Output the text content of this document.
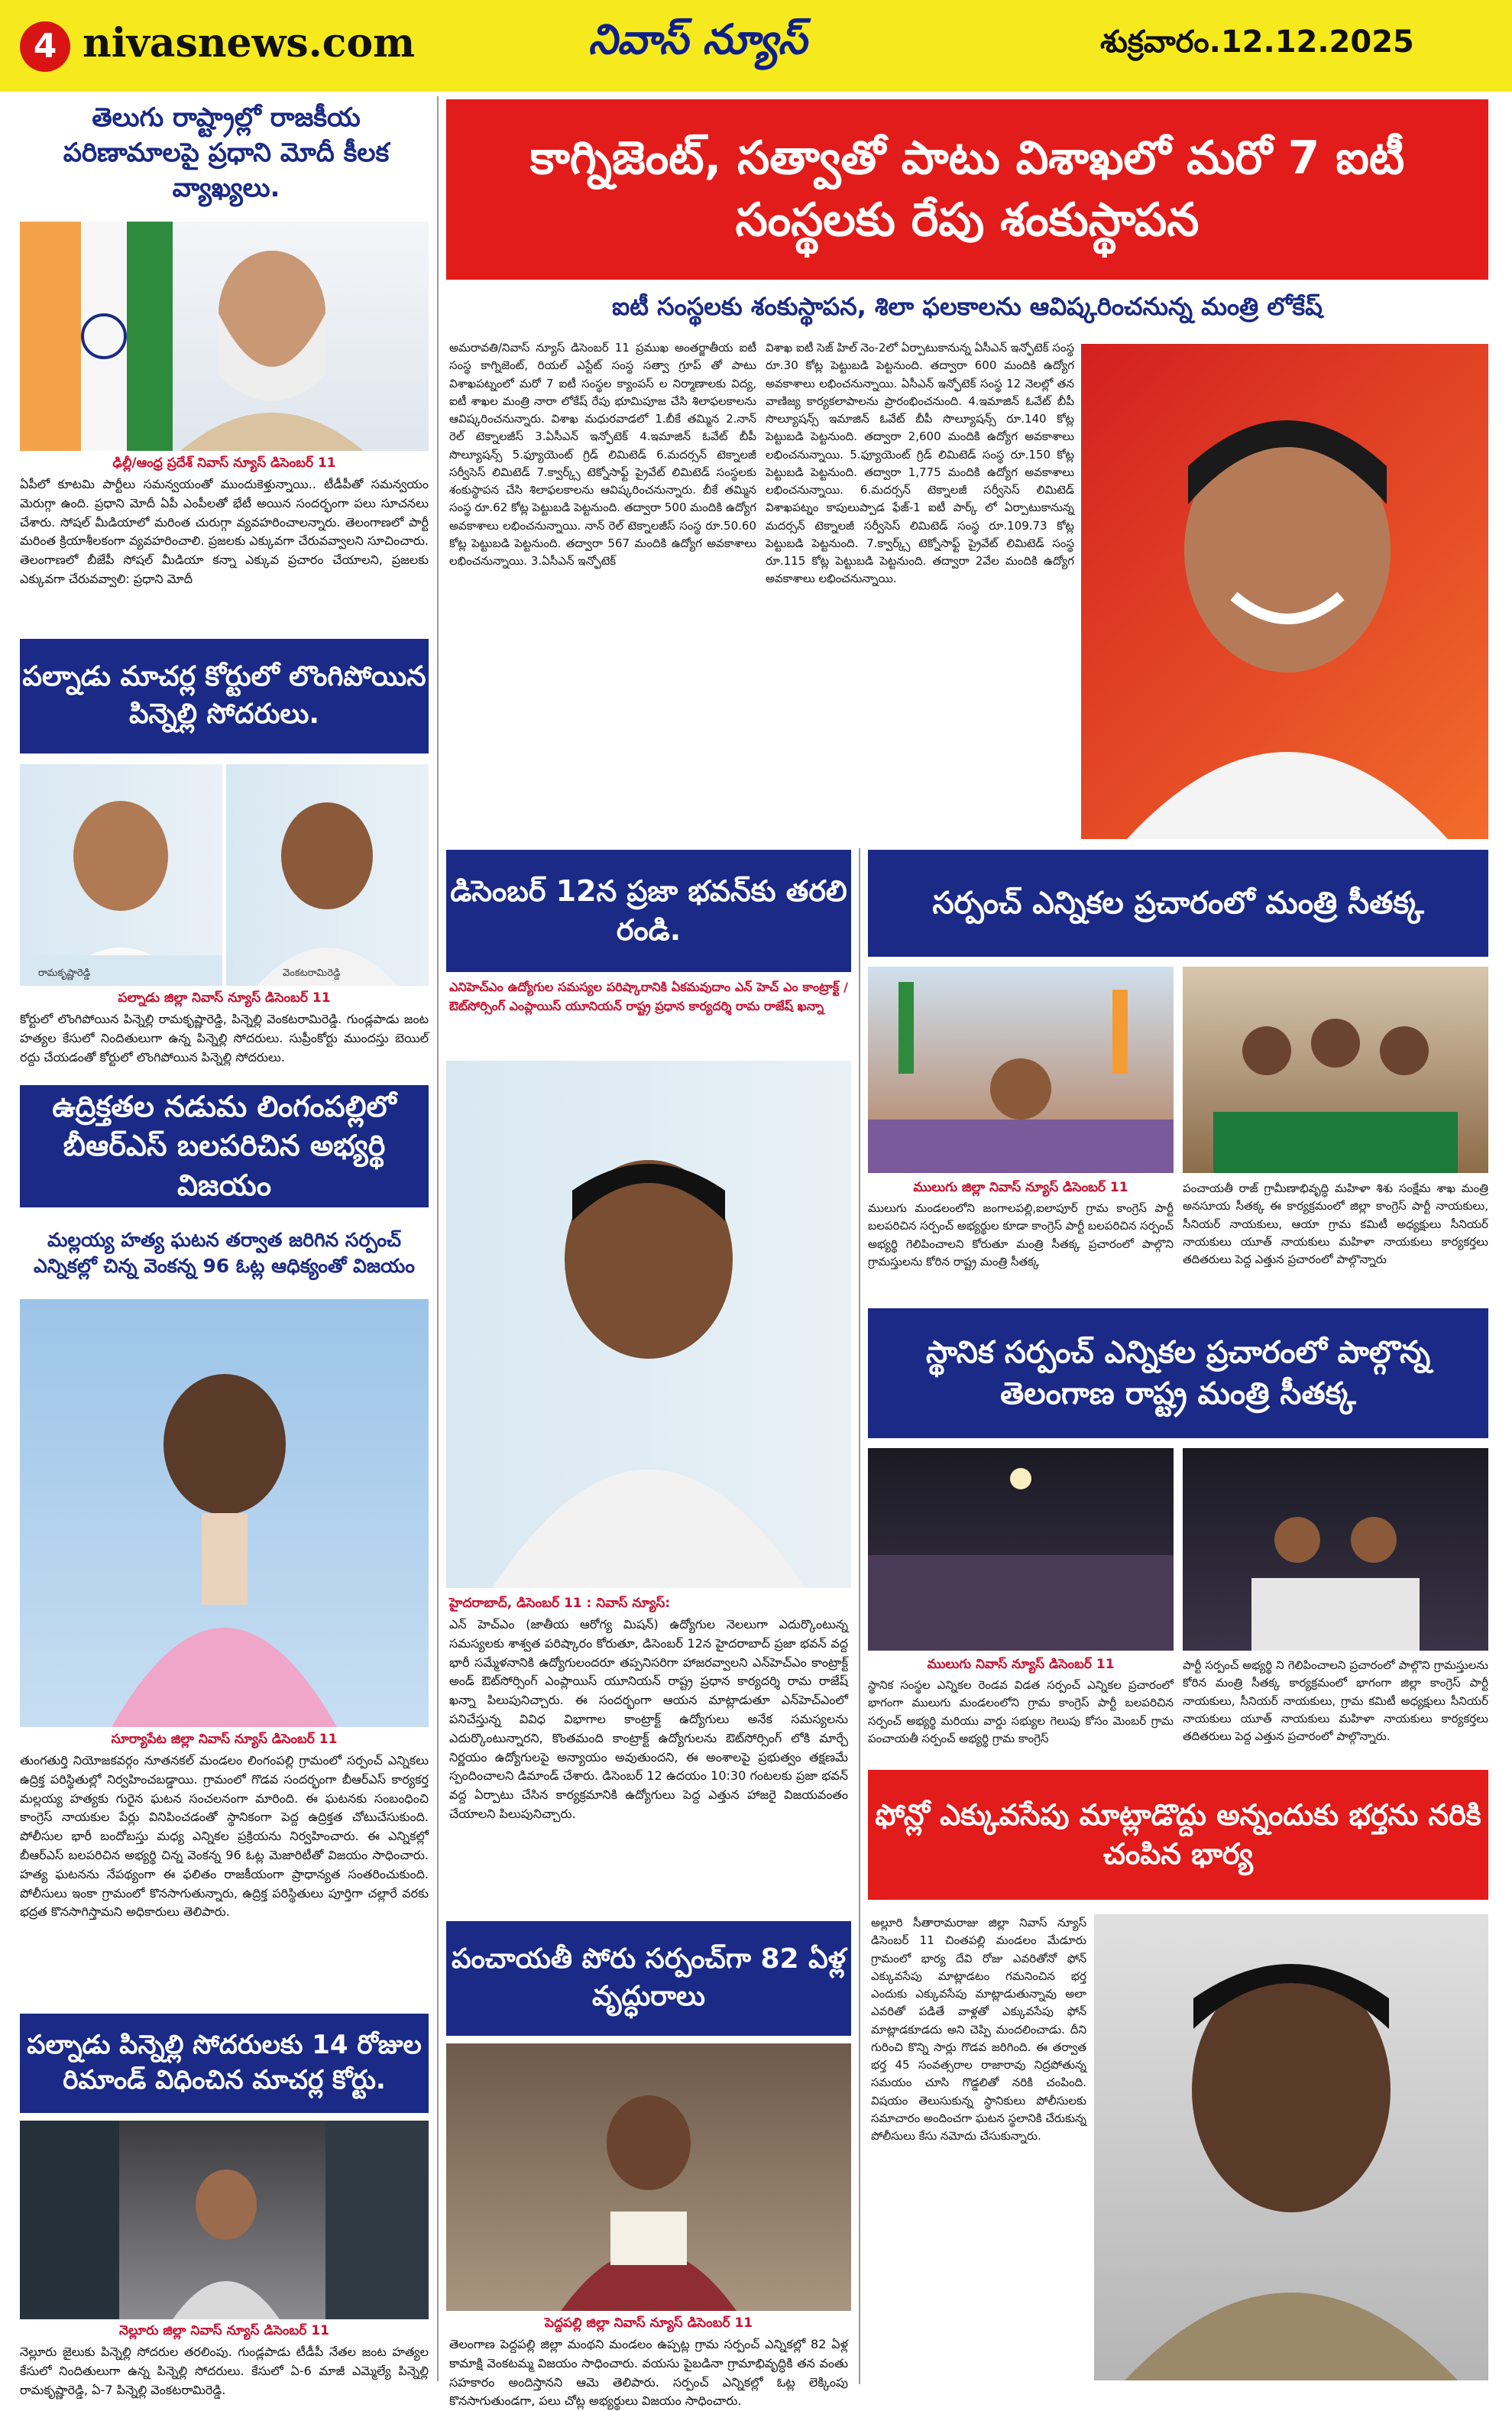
4 nivasnews.com	నివాస్ న్యూస్	శుక్రవారం.12.12.2025
తెలుగు రాష్ట్రాల్లో రాజకీయ పరిణామాలపై ప్రధాని మోదీ కీలక వ్యాఖ్యలు.
ఢిల్లీ/ఆంధ్ర ప్రదేశ్ నివాస్ న్యూస్ డిసెంబర్ 11
ఏపీలో కూటమి పార్టీలు సమన్వయంతో ముందుకెళ్తున్నాయి.. టీడీపీతో సమన్వయం మెరుగ్గా ఉంది. ప్రధాని మోదీ ఏపీ ఎంపీలతో భేటీ అయిన సందర్భంగా పలు సూచనలు చేశారు. సోషల్ మీడియాలో మరింత చురుగ్గా వ్యవహరించాలన్నారు. తెలంగాణలో పార్టీ మరింత క్రియాశీలకంగా వ్యవహరించాలి. ప్రజలకు ఎక్కువగా చేరువవ్వాలని సూచించారు. తెలంగాణలో బీజేపీ సోషల్ మీడియా కన్నా ఎక్కువ ప్రచారం చేయాలని, ప్రజలకు ఎక్కువగా చేరువవ్వాలి: ప్రధాని మోదీ
పల్నాడు మాచర్ల కోర్టులో లొంగిపోయిన పిన్నెల్లి సోదరులు.
రామకృష్ణారెడ్డి	వెంకటరామిరెడ్డి
పల్నాడు జిల్లా నివాస్ న్యూస్ డిసెంబర్ 11
కోర్టులో లొంగిపోయిన పిన్నెల్లి రామకృష్ణారెడ్డి, పిన్నెల్లి వెంకటరామిరెడ్డి. గుండ్లపాడు జంట హత్యల కేసులో నిందితులుగా ఉన్న పిన్నెల్లి సోదరులు. సుప్రీంకోర్టు ముందస్తు బెయిల్ రద్దు చేయడంతో కోర్టులో లొంగిపోయిన పిన్నెల్లి సోదరులు.
ఉద్రిక్తతల నడుమ లింగంపల్లిలో బీఆర్ఎస్ బలపరిచిన అభ్యర్థి విజయం
మల్లయ్య హత్య ఘటన తర్వాత జరిగిన సర్పంచ్ ఎన్నికల్లో చిన్న వెంకన్న 96 ఓట్ల ఆధిక్యంతో విజయం
సూర్యాపేట జిల్లా నివాస్ న్యూస్ డిసెంబర్ 11
తుంగతుర్తి నియోజకవర్గం నూతనకల్ మండలం లింగంపల్లి గ్రామంలో సర్పంచ్ ఎన్నికలు ఉద్రిక్త పరిస్థితుల్లో నిర్వహించబడ్డాయి. గ్రామంలో గొడవ సందర్భంగా బీఆర్ఎస్ కార్యకర్త మల్లయ్య హత్యకు గురైన ఘటన సంచలనంగా మారింది. ఈ ఘటనకు సంబంధించి కాంగ్రెస్ నాయకుల పేర్లు వినిపించడంతో స్థానికంగా పెద్ద ఉద్రిక్తత చోటుచేసుకుంది. పోలీసుల భారీ బందోబస్తు మధ్య ఎన్నికల ప్రక్రియను నిర్వహించారు. ఈ ఎన్నికల్లో బీఆర్ఎస్ బలపరిచిన అభ్యర్థి చిన్న వెంకన్న 96 ఓట్ల మెజారిటీతో విజయం సాధించారు. హత్య ఘటనను నేపథ్యంగా ఈ ఫలితం రాజకీయంగా ప్రాధాన్యత సంతరించుకుంది. పోలీసులు ఇంకా గ్రామంలో కొనసాగుతున్నారు, ఉద్రిక్త పరిస్థితులు పూర్తిగా చల్లారే వరకు భద్రత కొనసాగిస్తామని అధికారులు తెలిపారు.
పల్నాడు పిన్నెల్లి సోదరులకు 14 రోజుల రిమాండ్ విధించిన మాచర్ల కోర్టు.
నెల్లూరు జిల్లా నివాస్ న్యూస్ డిసెంబర్ 11
నెల్లూరు జైలుకు పిన్నెల్లి సోదరుల తరలింపు. గుండ్లపాడు టీడీపీ నేతల జంట హత్యల కేసులో నిందితులుగా ఉన్న పిన్నెల్లి సోదరులు. కేసులో ఏ-6 మాజీ ఎమ్మెల్యే పిన్నెల్లి రామకృష్ణారెడ్డి, ఏ-7 పిన్నెల్లి వెంకటరామిరెడ్డి.
కాగ్నిజెంట్, సత్వాతో పాటు విశాఖలో మరో 7 ఐటీ సంస్థలకు రేపు శంకుస్థాపన
ఐటీ సంస్థలకు శంకుస్థాపన, శిలా ఫలకాలను ఆవిష్కరించనున్న మంత్రి లోకేష్
అమరావతి/నివాస్ న్యూస్ డిసెంబర్ 11 ప్రముఖ అంతర్జాతీయ ఐటీ సంస్థ కాగ్నిజెంట్, రియల్ ఎస్టేట్ సంస్థ సత్వా గ్రూప్ తో పాటు విశాఖపట్నంలో మరో 7 ఐటీ సంస్థల క్యాంపస్ ల నిర్మాణాలకు విద్య, ఐటీ శాఖల మంత్రి నారా లోకేష్ రేపు భూమిపూజ చేసి శిలాఫలకాలను ఆవిష్కరించనున్నారు. విశాఖ మధురవాడలో 1.బీకే తమ్మిన 2.నాన్ రెల్ టెక్నాలజీస్ 3.ఏసీఎన్ ఇన్ఫోటెక్ 4.ఇమాజిన్ ఓవేట్ బీపీ సొల్యూషన్స్ 5.ఫ్యూయెంట్ గ్రిడ్ లిమిటెడ్ 6.మదర్సన్ టెక్నాలజీ సర్వీసెస్ లిమిటెడ్ 7.క్వార్క్స్ టెక్నోసాఫ్ట్ ప్రైవేట్ లిమిటెడ్ సంస్థలకు శంకుస్థాపన చేసి శిలాఫలకాలను ఆవిష్కరించనున్నారు. బీకే తమ్మిన సంస్థ రూ.62 కోట్ల పెట్టుబడి పెట్టనుంది. తద్వారా 500 మందికి ఉద్యోగ అవకాశాలు లభించనున్నాయి. నాన్ రెల్ టెక్నాలజీస్ సంస్థ రూ.50.60 కోట్ల పెట్టుబడి పెట్టనుంది. తద్వారా 567 మందికి ఉద్యోగ అవకాశాలు లభించనున్నాయి. 3.ఏసీఎన్ ఇన్ఫోటెక్
విశాఖ ఐటీ సెజ్ హిల్ నెం-2లో ఏర్పాటుకానున్న ఏసీఎన్ ఇన్ఫోటెక్ సంస్థ రూ.30 కోట్ల పెట్టుబడి పెట్టనుంది. తద్వారా 600 మందికి ఉద్యోగ అవకాశాలు లభించనున్నాయి. ఏసీఎన్ ఇన్ఫోటెక్ సంస్థ 12 నెలల్లో తన వాణిజ్య కార్యకలాపాలను ప్రారంభించనుంది. 4.ఇమాజిన్ ఓవేట్ బీపీ సొల్యూషన్స్ ఇమాజిన్ ఓవేట్ బీపీ సొల్యూషన్స్ రూ.140 కోట్ల పెట్టుబడి పెట్టనుంది. తద్వారా 2,600 మందికి ఉద్యోగ అవకాశాలు లభించనున్నాయి. 5.ఫ్యూయెంట్ గ్రిడ్ లిమిటెడ్ సంస్థ రూ.150 కోట్ల పెట్టుబడి పెట్టనుంది. తద్వారా 1,775 మందికి ఉద్యోగ అవకాశాలు లభించనున్నాయి. 6.మదర్సన్ టెక్నాలజీ సర్వీసెస్ లిమిటెడ్ విశాఖపట్నం కాపులుప్పాడ ఫేజ్-1 ఐటీ పార్క్ లో ఏర్పాటుకానున్న మదర్సన్ టెక్నాలజీ సర్వీసెస్ లిమిటెడ్ సంస్థ రూ.109.73 కోట్ల పెట్టుబడి పెట్టనుంది. 7.క్వార్క్స్ టెక్నోసాఫ్ట్ ప్రైవేట్ లిమిటెడ్ సంస్థ రూ.115 కోట్ల పెట్టుబడి పెట్టనుంది. తద్వారా 2వేల మందికి ఉద్యోగ అవకాశాలు లభించనున్నాయి.
డిసెంబర్ 12న ప్రజా భవన్‌కు తరలి రండి.
ఎనిహెచ్ఎం ఉద్యోగుల సమస్యల పరిష్కారానికి ఏకమవుదాం ఎన్ హెచ్ ఎం కాంట్రాక్ట్ / ఔట్‌సోర్సింగ్ ఎంప్లాయిస్ యూనియన్ రాష్ట్ర ప్రధాన కార్యదర్శి రామ రాజేష్ ఖన్నా
హైదరాబాద్, డిసెంబర్ 11 : నివాస్ న్యూస్:
ఎన్ హెచ్ఎం (జాతీయ ఆరోగ్య మిషన్) ఉద్యోగుల నెలలుగా ఎదుర్కొంటున్న సమస్యలకు శాశ్వత పరిష్కారం కోరుతూ, డిసెంబర్ 12న హైదరాబాద్ ప్రజా భవన్ వద్ద భారీ సమ్మేళనానికి ఉద్యోగులందరూ తప్పనిసరిగా హాజరవ్వాలని ఎన్‌హెచ్ఎం కాంట్రాక్ట్ అండ్ ఔట్‌సోర్సింగ్ ఎంప్లాయిస్ యూనియన్ రాష్ట్ర ప్రధాన కార్యదర్శి రామ రాజేష్ ఖన్నా పిలుపునిచ్చారు. ఈ సందర్భంగా ఆయన మాట్లాడుతూ ఎన్‌హెచ్ఎంలో పనిచేస్తున్న వివిధ విభాగాల కాంట్రాక్ట్ ఉద్యోగులు అనేక సమస్యలను ఎదుర్కొంటున్నారని, కొంతమంది కాంట్రాక్ట్ ఉద్యోగులను ఔట్‌సోర్సింగ్ లోకి మార్చే నిర్ణయం ఉద్యోగులపై అన్యాయం అవుతుందని, ఈ అంశాలపై ప్రభుత్వం తక్షణమే స్పందించాలని డిమాండ్ చేశారు. డిసెంబర్ 12 ఉదయం 10:30 గంటలకు ప్రజా భవన్ వద్ద ఏర్పాటు చేసిన కార్యక్రమానికి ఉద్యోగులు పెద్ద ఎత్తున హాజరై విజయవంతం చేయాలని పిలుపునిచ్చారు.
పంచాయతీ పోరు సర్పంచ్‌గా 82 ఏళ్ల వృద్ధురాలు
పెద్దపల్లి జిల్లా నివాస్ న్యూస్ డిసెంబర్ 11
తెలంగాణ పెద్దపల్లి జిల్లా మంథని మండలం ఉప్పట్ల గ్రామ సర్పంచ్ ఎన్నికల్లో 82 ఏళ్ల కామాక్షి వెంకటమ్మ విజయం సాధించారు. వయసు పైబడినా గ్రామాభివృద్ధికి తన వంతు సహకారం అందిస్తానని ఆమె తెలిపారు. సర్పంచ్ ఎన్నికల్లో ఓట్ల లెక్కింపు కొనసాగుతుండగా, పలు చోట్ల అభ్యర్థులు విజయం సాధించారు.
సర్పంచ్ ఎన్నికల ప్రచారంలో మంత్రి సీతక్క
ములుగు జిల్లా నివాస్ న్యూస్ డిసెంబర్ 11
ములుగు మండలంలోని జంగాలపల్లి,ఐలాపూర్ గ్రామ కాంగ్రెస్ పార్టీ బలపరిచిన సర్పంచ్ అభ్యర్థుల కూడా కాంగ్రెస్ పార్టీ బలపరిచిన సర్పంచ్ అభ్యర్థి గెలిపించాలని కోరుతూ మంత్రి సీతక్క ప్రచారంలో పాల్గొని గ్రామస్తులను కోరిన రాష్ట్ర మంత్రి సీతక్క
పంచాయతీ రాజ్ గ్రామీణాభివృద్ధి మహిళా శిశు సంక్షేమ శాఖ మంత్రి అనసూయ సీతక్క ఈ కార్యక్రమంలో జిల్లా కాంగ్రెస్ పార్టీ నాయకులు, సీనియర్ నాయకులు, ఆయా గ్రామ కమిటీ అధ్యక్షులు సీనియర్ నాయకులు యూత్ నాయకులు మహిళా నాయకులు కార్యకర్తలు తదితరులు పెద్ద ఎత్తున ప్రచారంలో పాల్గొన్నారు
స్థానిక సర్పంచ్ ఎన్నికల ప్రచారంలో పాల్గొన్న తెలంగాణ రాష్ట్ర మంత్రి సీతక్క
ములుగు నివాస్ న్యూస్ డిసెంబర్ 11
స్థానిక సంస్థల ఎన్నికల రెండవ విడత సర్పంచ్ ఎన్నికల ప్రచారంలో భాగంగా ములుగు మండలంలోని గ్రామ కాంగ్రెస్ పార్టీ బలపరిచిన సర్పంచ్ అభ్యర్థి మరియు వార్డు సభ్యుల గెలుపు కోసం మెంబర్ గ్రామ పంచాయతీ సర్పంచ్ అభ్యర్థి గ్రామ కాంగ్రెస్
పార్టీ సర్పంచ్ అభ్యర్థి ని గెలిపించాలని ప్రచారంలో పాల్గొని గ్రామస్తులను కోరిన మంత్రి సీతక్క కార్యక్రమంలో భాగంగా జిల్లా కాంగ్రెస్ పార్టీ నాయకులు, సీనియర్ నాయకులు, గ్రామ కమిటీ అధ్యక్షులు సీనియర్ నాయకులు యూత్ నాయకులు మహిళా నాయకులు కార్యకర్తలు తదితరులు పెద్ద ఎత్తున ప్రచారంలో పాల్గొన్నారు.
ఫోన్లో ఎక్కువసేపు మాట్లాడొద్దు అన్నందుకు భర్తను నరికి చంపిన భార్య
అల్లూరి సీతారామరాజు జిల్లా నివాస్ న్యూస్ డిసెంబర్ 11 చింతపల్లి మండలం మేడూరు గ్రామంలో భార్య దేవి రోజు ఎవరితోనో ఫోన్ ఎక్కువసేపు మాట్లాడటం గమనించిన భర్త ఎందుకు ఎక్కువసేపు మాట్లాడుతున్నావు అలా ఎవరితో పడితే వాళ్లతో ఎక్కువసేపు ఫోన్ మాట్లాడకూడదు అని చెప్పి మందలించాడు. దీని గురించి కొన్ని సార్లు గొడవ జరిగింది. ఈ తర్వాత భర్త 45 సంవత్సరాల రాజారావు నిద్రపోతున్న సమయం చూసి గొడ్డలితో నరికి చంపింది. విషయం తెలుసుకున్న స్థానికులు పోలీసులకు సమాచారం అందించగా ఘటన స్థలానికి చేరుకున్న పోలీసులు కేసు నమోదు చేసుకున్నారు.
